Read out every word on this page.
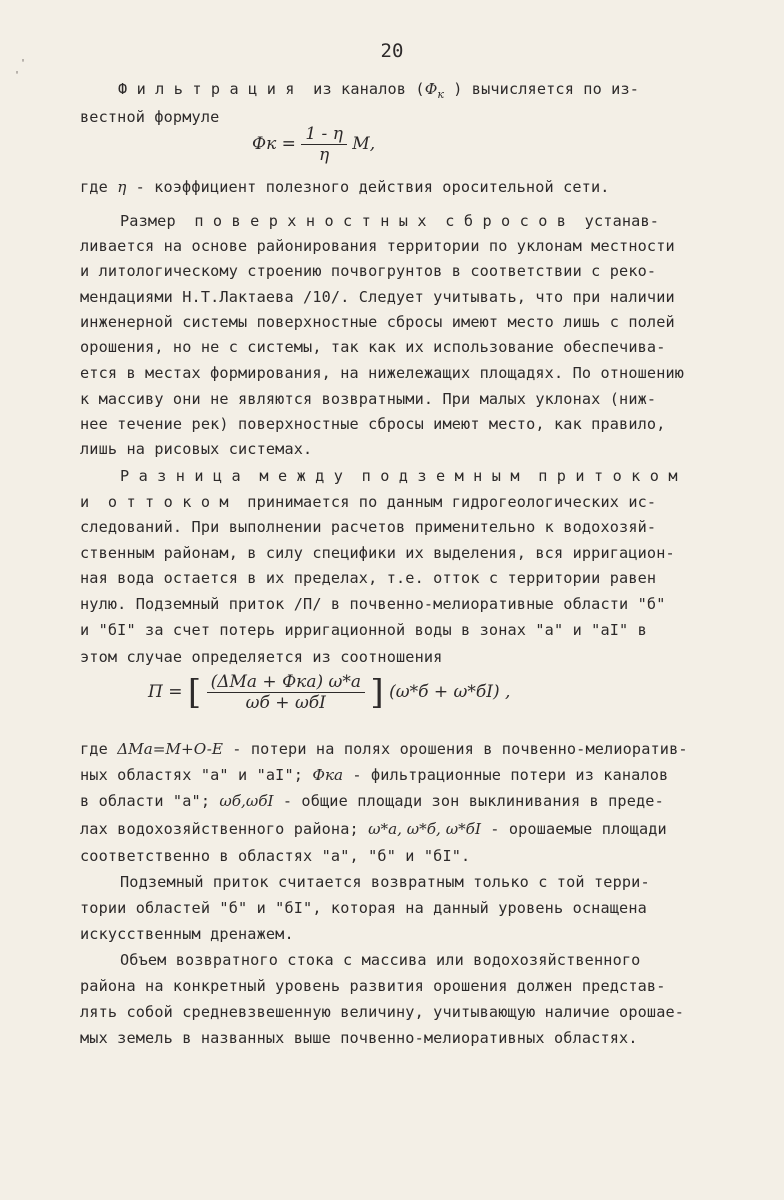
20
'
'
Ф и л ь т р а ц и я  из каналов ($Ф_к$ ) вычисляется по из-
вестной формуле
Фк = $\frac{1 - \eta}{\eta} M$,
где η - коэффициент полезного действия оросительной сети.
Размер  п о в е р х н о с т н ы х  с б р о с о в  устанав-
ливается на основе районирования территории по уклонам местности
и литологическому строению почвогрунтов в соответствии с реко-
мендациями Н.Т.Лактаева /10/. Следует учитывать, что при наличии
инженерной системы поверхностные сбросы имеют место лишь с полей
орошения, но не с системы, так как их использование обеспечива-
ется в местах формирования, на нижележащих площадях. По отношению
к массиву они не являются возвратными. При малых уклонах (ниж-
нее течение рек) поверхностные сбросы имеют место, как правило,
лишь на рисовых системах.
Р а з н и ц а  м е ж д у  п о д з е м н ы м  п р и т о к о м
и  о т т о к о м  принимается по данным гидрогеологических ис-
следований. При выполнении расчетов применительно к водохозяй-
ственным районам, в силу специфики их выделения, вся ирригацион-
ная вода остается в их пределах, т.е. отток с территории равен
нулю. Подземный приток /П/ в почвенно-мелиоративные области "б"
и "бI" за счет потерь ирригационной воды в зонах "а" и "аI" в
этом случае определяется из соотношения
П = [ $\frac{\text{(ΔMa + Фка) ω*а}}{\text{ωб + ωбI}}$ ] (ω*б + ω*бI) ,
где ΔMa=M+O-E - потери на полях орошения в почвенно-мелиоратив-
ных областях "а" и "аI"; Фка - фильтрационные потери из каналов
в области "а"; ωб,ωбI - общие площади зон выклинивания в преде-
лах водохозяйственного района; ω*а, ω*б, ω*бI - орошаемые площади
соответственно в областях "а", "б" и "бI".
Подземный приток считается возвратным только с той терри-
тории областей "б" и "бI", которая на данный уровень оснащена
искусственным дренажем.
Объем возвратного стока с массива или водохозяйственного
района на конкретный уровень развития орошения должен представ-
лять собой средневзвешенную величину, учитывающую наличие орошае-
мых земель в названных выше почвенно-мелиоративных областях.
